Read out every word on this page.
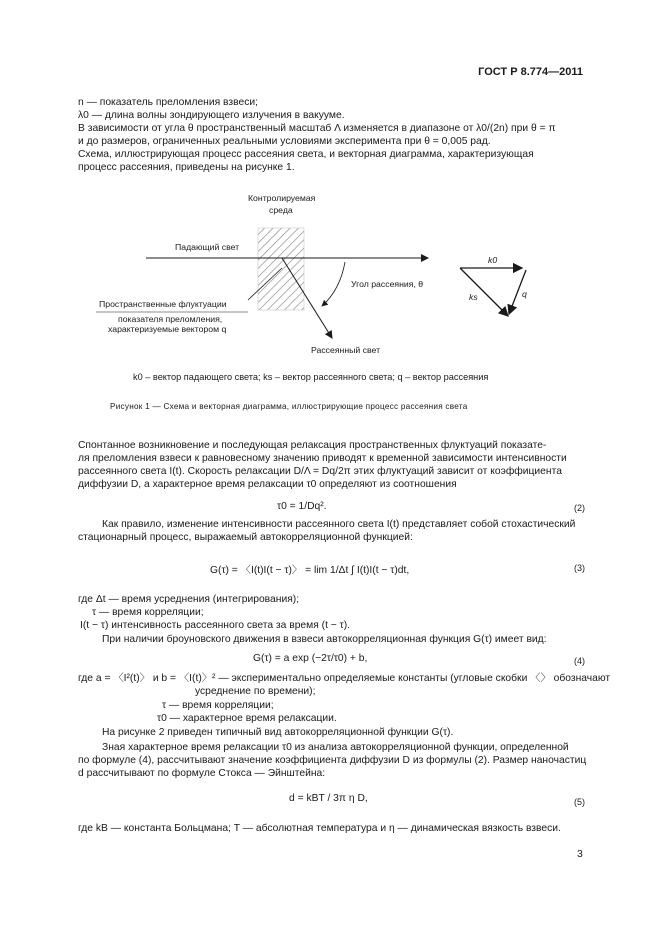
ГОСТ Р 8.774—2011
n — показатель преломления взвеси;
λ0 — длина волны зондирующего излучения в вакууме.
В зависимости от угла θ пространственный масштаб Λ изменяется в диапазоне от λ0/(2n) при θ = π
и до размеров, ограниченных реальными условиями эксперимента при θ = 0,005 рад.
Схема, иллюстрирующая процесс рассеяния света, и векторная диаграмма, характеризующая
процесс рассеяния, приведены на рисунке 1.
Контролируемая
среда
Падающий свет
Пространственные флуктуации
показателя преломления,
характеризуемые вектором q
Угол рассеяния, θ
Рассеянный свет
k0
ks	q
k0 – вектор падающего света; ks – вектор рассеянного света; q – вектор рассеяния
Рисунок 1 — Схема и векторная диаграмма, иллюстрирующие процесс рассеяния света
Спонтанное возникновение и последующая релаксация пространственных флуктуаций показате-
ля преломления взвеси к равновесному значению приводят к временной зависимости интенсивности
рассеянного света I(t). Скорость релаксации D/Λ = Dq/2π этих флуктуаций зависит от коэффициента
диффузии D, а характерное время релаксации τ0 определяют из соотношения
τ0 = 1/Dq².	(2)
Как правило, изменение интенсивности рассеянного света I(t) представляет собой стохастический
стационарный процесс, выражаемый автокорреляционной функцией:
G(τ) = 〈I(t)I(t − τ)〉 = lim 1/Δt ∫ I(t)I(t − τ)dt,	(3)
где Δt — время усреднения (интегрирования);
τ — время корреляции;
I(t − τ) интенсивность рассеянного света за время (t − τ).
При наличии броуновского движения в взвеси автокорреляционная функция G(τ) имеет вид:
G(τ) = a exp (−2τ/τ0) + b,	(4)
где a = 〈I²(t)〉 и b = 〈I(t)〉² — экспериментально определяемые константы (угловые скобки 〈〉 обозначают
усреднение по времени);
τ — время корреляции;
τ0 — характерное время релаксации.
На рисунке 2 приведен типичный вид автокорреляционной функции G(τ).
Зная характерное время релаксации τ0 из анализа автокорреляционной функции, определенной
по формуле (4), рассчитывают значение коэффициента диффузии D из формулы (2). Размер наночастиц
d рассчитывают по формуле Стокса — Эйнштейна:
d = kBT / 3π η D,	(5)
где kB — константа Больцмана; T — абсолютная температура и η — динамическая вязкость взвеси.
3
